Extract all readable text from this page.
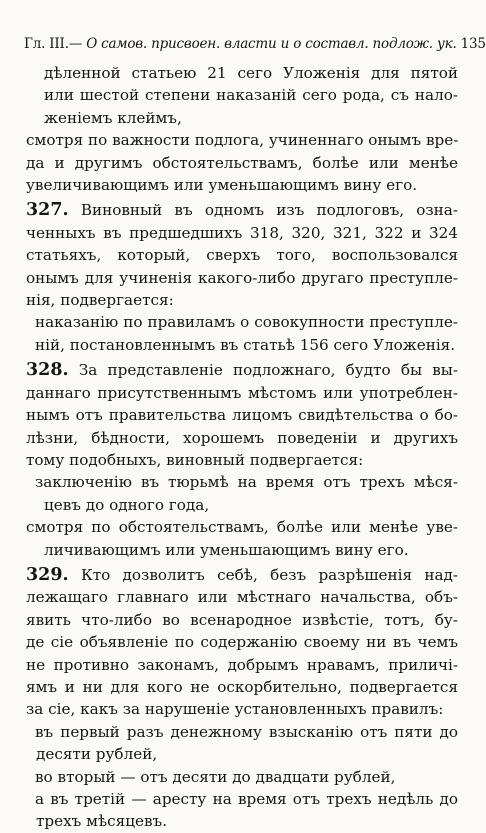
Гл. III.— О самов. присвоен. власти и о составл. подлож. ук. 135
дѣленной статьею 21 сего Уложенія для пятой
или шестой степени наказаній сего рода, съ нало-
женіемъ клеймъ,
смотря по важности подлога, учиненнаго онымъ вре-
да и другимъ обстоятельствамъ, болѣе или менѣе
увеличивающимъ или уменьшающимъ вину его.
327. Виновный въ одномъ изъ подлоговъ, озна-
ченныхъ въ предшедшихъ 318, 320, 321, 322 и 324
статьяхъ, который, сверхъ того, воспользовался
онымъ для учиненія какого-либо другаго преступле-
нія, подвергается:
наказанію по правиламъ о совокупности преступле-
ній, постановленнымъ въ статьѣ 156 сего Уложенія.
328. За представленіе подложнаго, будто бы вы-
даннаго присутственнымъ мѣстомъ или употреблен-
нымъ отъ правительства лицомъ свидѣтельства о бо-
лѣзни, бѣдности, хорошемъ поведеніи и другихъ
тому подобныхъ, виновный подвергается:
заключенію въ тюрьмѣ на время отъ трехъ мѣся-
цевъ до одного года,
смотря по обстоятельствамъ, болѣе или менѣе уве-
личивающимъ или уменьшающимъ вину его.
329. Кто дозволитъ себѣ, безъ разрѣшенія над-
лежащаго главнаго или мѣстнаго начальства, объ-
явить что-либо во всенародное извѣстіе, тотъ, бу-
де сіе объявленіе по содержанію своему ни въ чемъ
не противно законамъ, добрымъ нравамъ, приличі-
ямъ и ни для кого не оскорбительно, подвергается
за сіе, какъ за нарушеніе установленныхъ правилъ:
въ первый разъ денежному взысканію отъ пяти до
десяти рублей,
во вторый — отъ десяти до двадцати рублей,
а въ третій — аресту на время отъ трехъ недѣль до
трехъ мѣсяцевъ.
